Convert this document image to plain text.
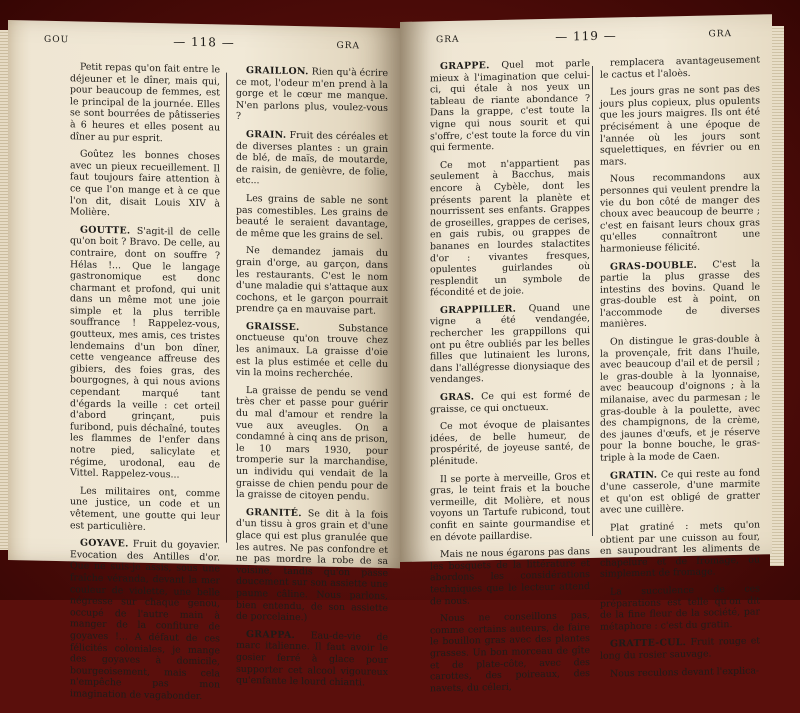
GOU	— 118 —	GRA

Petit repas qu'on fait entre le déjeuner et le dîner, mais qui, pour beaucoup de femmes, est le principal de la journée. Elles se sont bourrées de pâtisseries à 6 heures et elles posent au dîner au pur esprit.

Goûtez les bonnes choses avec un pieux recueillement. Il faut toujours faire attention à ce que l'on mange et à ce que l'on dit, disait Louis XIV à Molière.

GOUTTE. S'agit-il de celle qu'on boit ? Bravo. De celle, au contraire, dont on souffre ? Hélas !... Que le langage gastronomique est donc charmant et profond, qui unit dans un même mot une joie simple et la plus terrible souffrance ! Rappelez-vous, goutteux, mes amis, ces tristes lendemains d'un bon dîner, cette vengeance affreuse des gibiers, des foies gras, des bourgognes, à qui nous avions cependant marqué tant d'égards la veille : cet orteil d'abord grinçant, puis furibond, puis déchaîné, toutes les flammes de l'enfer dans notre pied, salicylate et régime, urodonal, eau de Vittel. Rappelez-vous...

Les militaires ont, comme une justice, un code et un vêtement, une goutte qui leur est particulière.

GOYAVE. Fruit du goyavier. Evocation des Antilles d'or. Que ne suis-je assis, sous une fraîche véranda, devant la mer couleur de violette, une belle négresse sur chaque genou, occupé de l'autre main à manger de la confiture de goyaves !... A défaut de ces félicités coloniales, je mange des goyaves à domicile, bourgeoisement, mais cela n'empêche pas mon imagination de vagabonder.

GRAILLON. Rien qu'à écrire ce mot, l'odeur m'en prend à la gorge et le cœur me manque. N'en parlons plus, voulez-vous ?

GRAIN. Fruit des céréales et de diverses plantes : un grain de blé, de maïs, de moutarde, de raisin, de genièvre, de folie, etc...

Les grains de sable ne sont pas comestibles. Les grains de beauté le seraient davantage, de même que les grains de sel.

Ne demandez jamais du grain d'orge, au garçon, dans les restaurants. C'est le nom d'une maladie qui s'attaque aux cochons, et le garçon pourrait prendre ça en mauvaise part.

GRAISSE.	Substance onctueuse qu'on trouve chez les animaux. La graisse d'oie est la plus estimée et celle du vin la moins recherchée.

La graisse de pendu se vend très cher et passe pour guérir du mal d'amour et rendre la vue aux aveugles. On a condamné à cinq ans de prison, le 10 mars 1930, pour tromperie sur la marchandise, un individu qui vendait de la graisse de chien pendu pour de la graisse de citoyen pendu.

GRANITÉ. Se dit à la fois d'un tissu à gros grain et d'une glace qui est plus granulée que les autres. Ne pas confondre et ne pas mordre la robe de sa voisine, tandis qu'on passe doucement sur son assiette une paume câline. Nous parlons, bien entendu, de son assiette de porcelaine.)

GRAPPA. Eau-de-vie de marc italienne. Il faut avoir le gosier ferré à glace pour supporter cet alcool vigoureux qu'enfante le lourd chianti.

GRA	— 119 —	GRA

GRAPPE. Quel mot parle mieux à l'imagination que celui-ci, qui étale à nos yeux un tableau de riante abondance ? Dans la grappe, c'est toute la vigne qui nous sourit et qui s'offre, c'est toute la force du vin qui fermente.

Ce mot n'appartient pas seulement à Bacchus, mais encore à Cybèle, dont les présents parent la planète et nourrissent ses enfants. Grappes de groseilles, grappes de cerises, en gais rubis, ou grappes de bananes en lourdes stalactites d'or : vivantes fresques, opulentes guirlandes où resplendit un symbole de fécondité et de joie.

GRAPPILLER. Quand une vigne a été vendangée, rechercher les grappillons qui ont pu être oubliés par les belles filles que lutinaient les lurons, dans l'allégresse dionysiaque des vendanges.

GRAS. Ce qui est formé de graisse, ce qui onctueux.

Ce mot évoque de plaisantes idées, de belle humeur, de prospérité, de joyeuse santé, de plénitude.

Il se porte à merveille, Gros et gras, le teint frais et la bouche vermeille, dit Molière, et nous voyons un Tartufe rubicond, tout confit en sainte gourmandise et en dévote paillardise.

Mais ne nous égarons pas dans les bosquets de la littérature et abordons les considérations techniques que le lecteur attend de nous.

Nous ne conseillons pas, comme certains auteurs, de faire le bouillon gras avec des plantes grasses. Un bon morceau de gîte et de plate-côte, avec des carottes, des poireaux, des navets, du céleri,

remplacera avantageusement le cactus et l'aloès.

Les jours gras ne sont pas des jours plus copieux, plus opulents que les jours maigres. Ils ont été précisément à une époque de l'année où les jours sont squelettiques, en février ou en mars.

Nous recommandons aux personnes qui veulent prendre la vie du bon côté de manger des choux avec beaucoup de beurre ; c'est en faisant leurs choux gras qu'elles connaîtront une harmonieuse félicité.

GRAS-DOUBLE. C'est la partie la plus grasse des intestins des bovins. Quand le gras-double est à point, on l'accommode de diverses manières.

On distingue le gras-double à la provençale, frit dans l'huile, avec beaucoup d'ail et de persil ; le gras-double à la lyonnaise, avec beaucoup d'oignons ; à la milanaise, avec du parmesan ; le gras-double à la poulette, avec des champignons, de la crème, des jaunes d'œufs, et je réserve pour la bonne bouche, le gras-triple à la mode de Caen.

GRATIN. Ce qui reste au fond d'une casserole, d'une marmite et qu'on est obligé de gratter avec une cuillère.

Plat gratiné : mets qu'on obtient par une cuisson au four, en saupoudrant les aliments de chapelure et de fromage, ou simplement de fromage.

La succulence de ces préparations est telle qu'on dit de la fine fleur de la société, par métaphore : c'est du gratin.

GRATTE-CUL. Fruit rouge et long du rosier sauvage.

Nous reculons devant l'explica-
